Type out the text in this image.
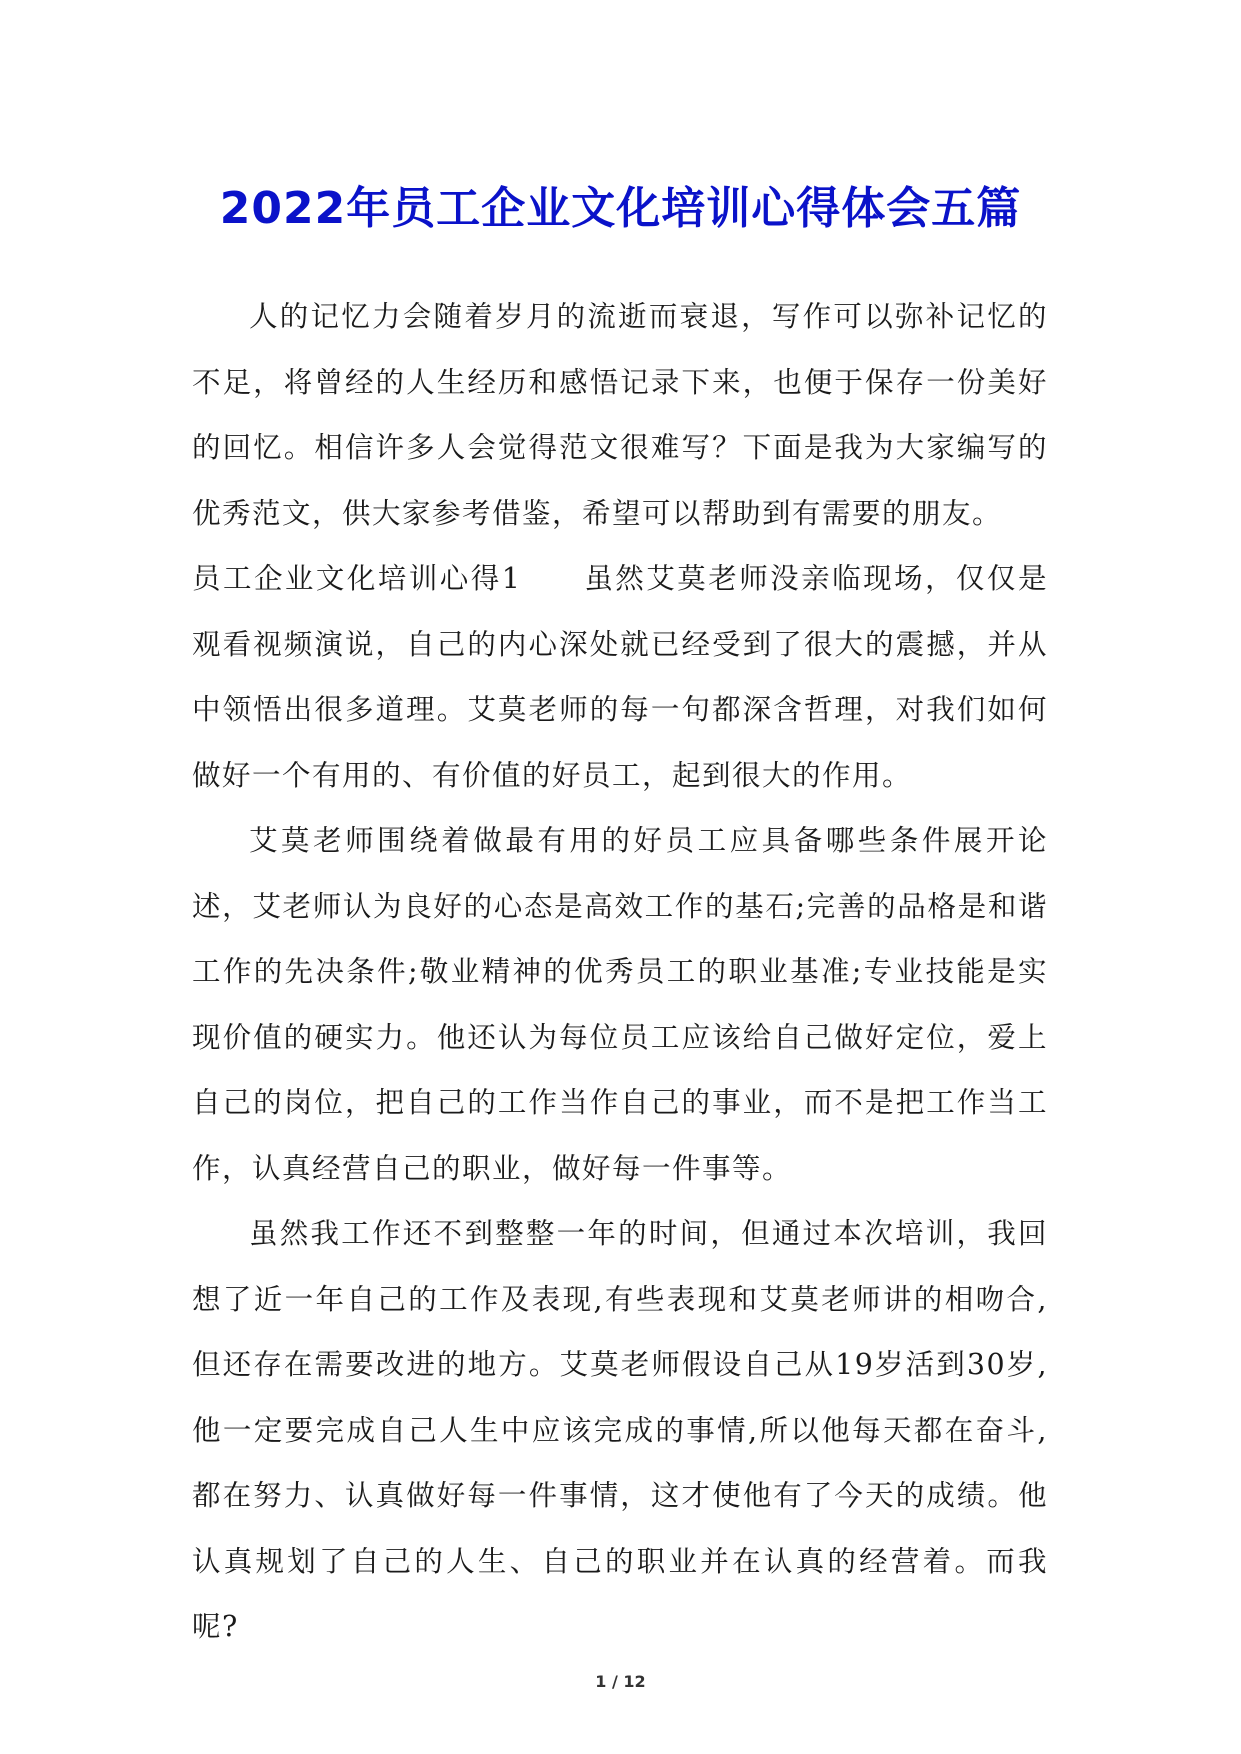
2022年员工企业文化培训心得体会五篇

人的记忆力会随着岁月的流逝而衰退，写作可以弥补记忆的不足，将曾经的人生经历和感悟记录下来，也便于保存一份美好的回忆。相信许多人会觉得范文很难写？下面是我为大家编写的优秀范文，供大家参考借鉴，希望可以帮助到有需要的朋友。

员工企业文化培训心得1　　虽然艾莫老师没亲临现场，仅仅是观看视频演说，自己的内心深处就已经受到了很大的震撼，并从中领悟出很多道理。艾莫老师的每一句都深含哲理，对我们如何做好一个有用的、有价值的好员工，起到很大的作用。

艾莫老师围绕着做最有用的好员工应具备哪些条件展开论述，艾老师认为良好的心态是高效工作的基石;完善的品格是和谐工作的先决条件;敬业精神的优秀员工的职业基准;专业技能是实现价值的硬实力。他还认为每位员工应该给自己做好定位，爱上自己的岗位，把自己的工作当作自己的事业，而不是把工作当工作，认真经营自己的职业，做好每一件事等。

虽然我工作还不到整整一年的时间，但通过本次培训，我回想了近一年自己的工作及表现,有些表现和艾莫老师讲的相吻合,但还存在需要改进的地方。艾莫老师假设自己从19岁活到30岁,他一定要完成自己人生中应该完成的事情,所以他每天都在奋斗,都在努力、认真做好每一件事情，这才使他有了今天的成绩。他认真规划了自己的人生、自己的职业并在认真的经营着。而我呢?

1 / 12
